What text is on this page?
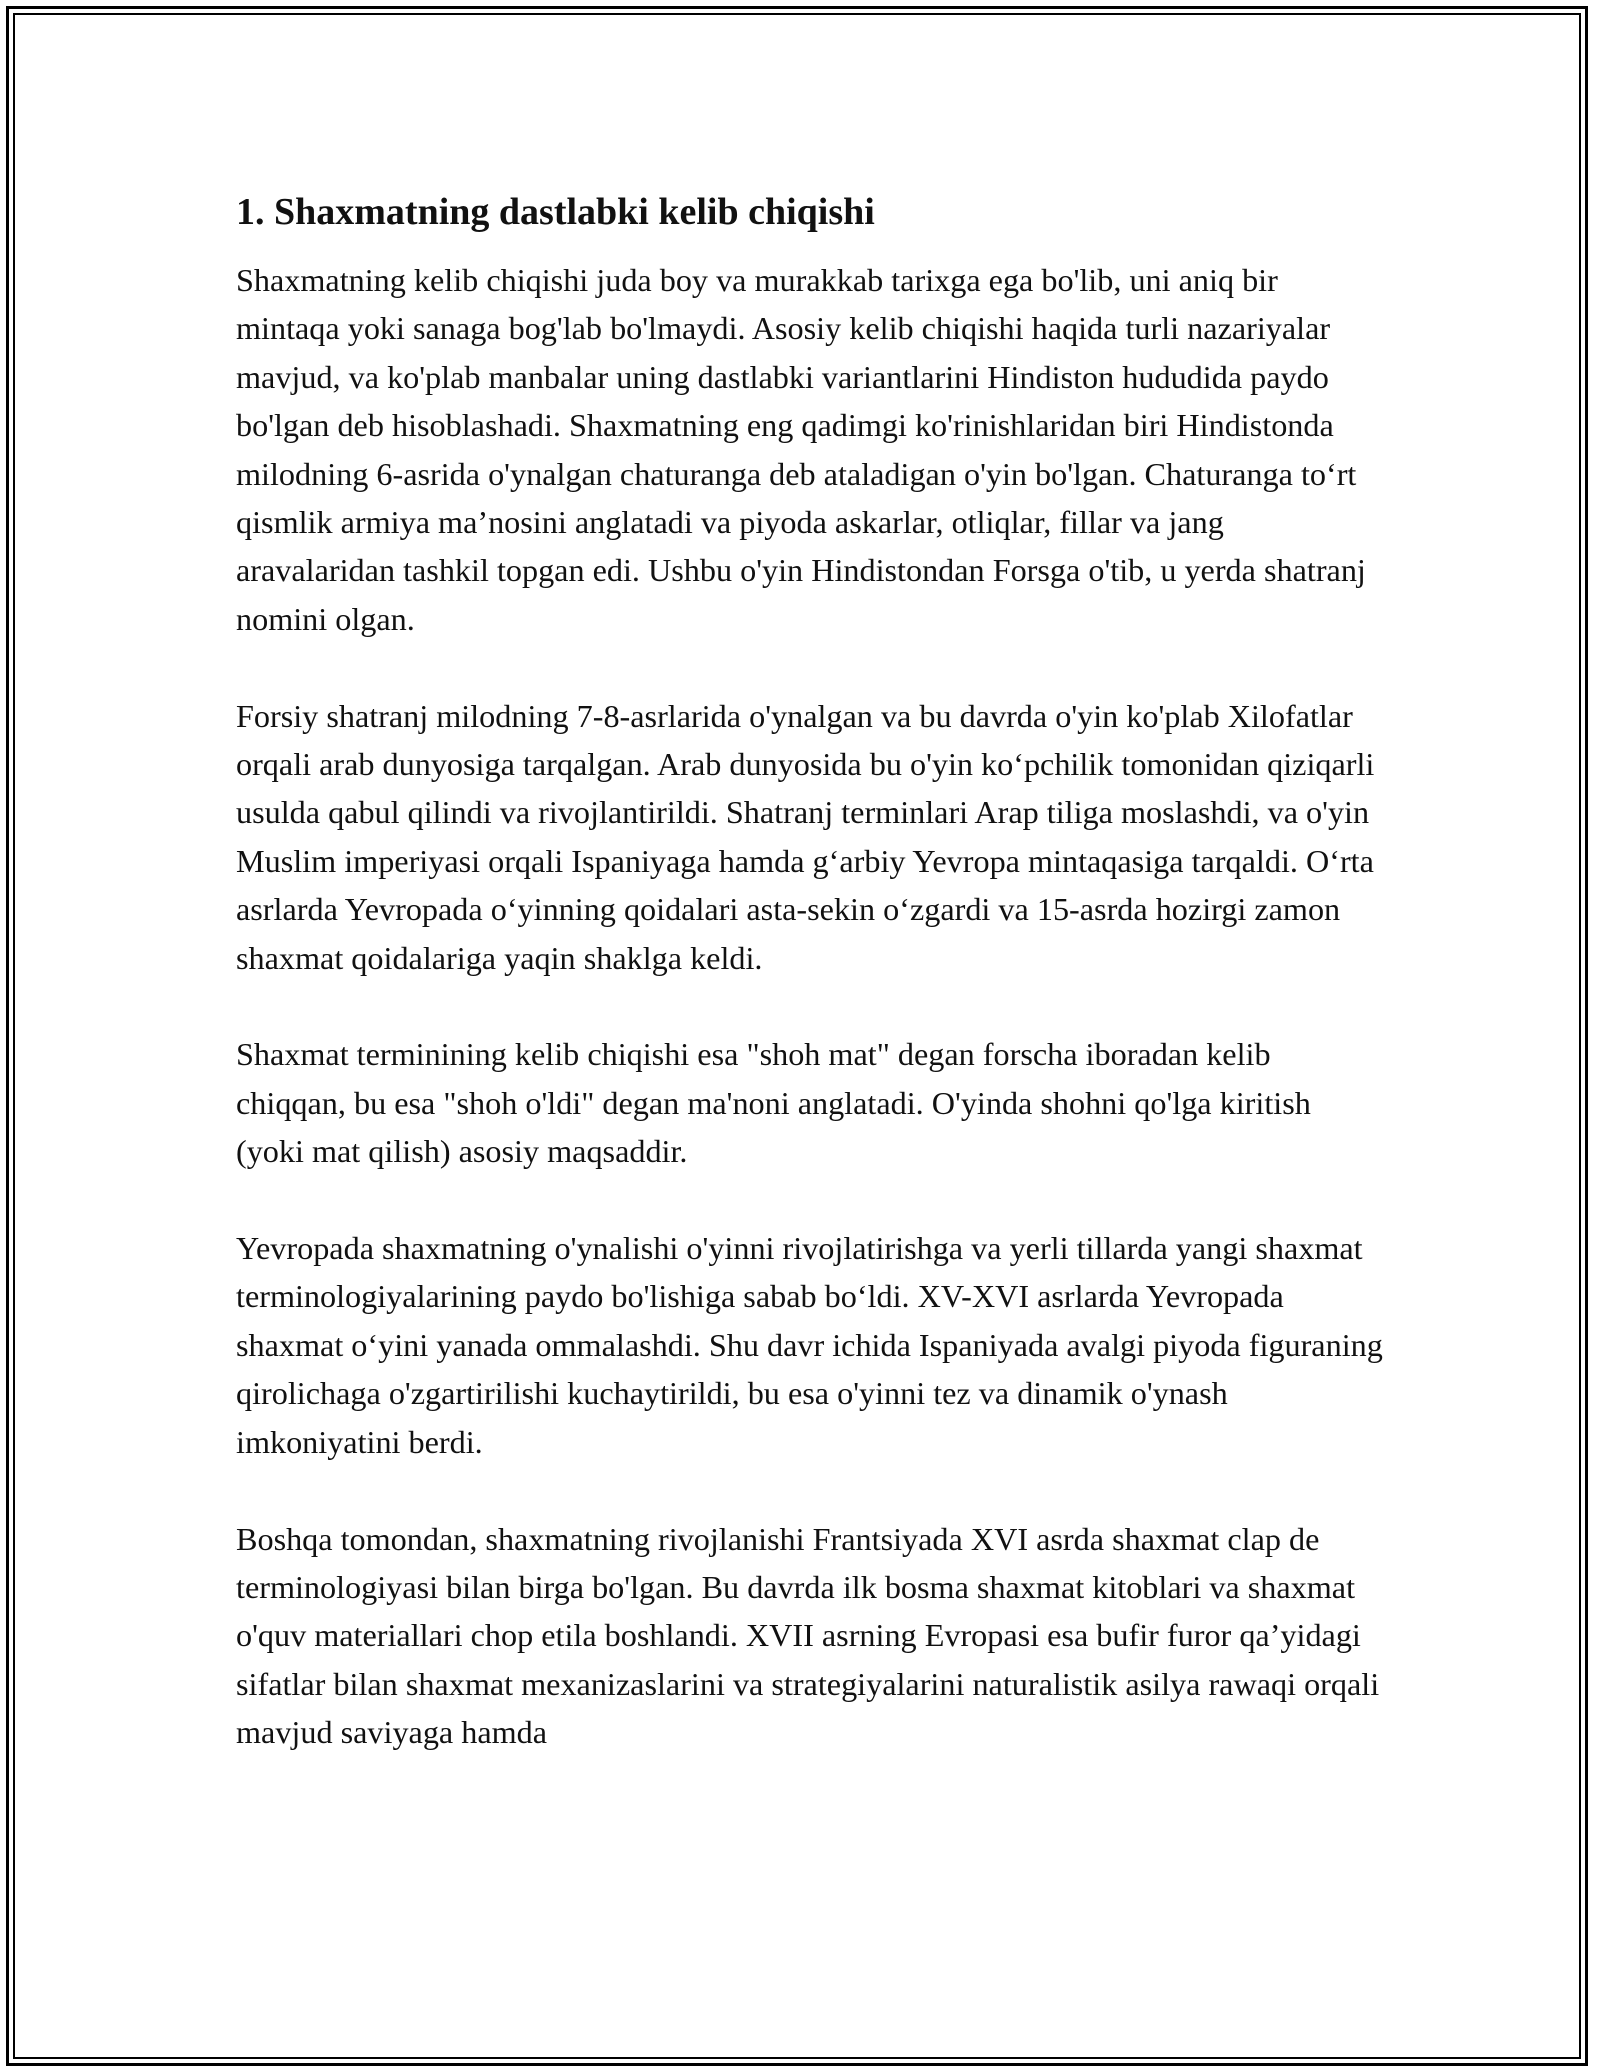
1. Shaxmatning dastlabki kelib chiqishi

Shaxmatning kelib chiqishi juda boy va murakkab tarixga ega bo'lib, uni aniq bir mintaqa yoki sanaga bog'lab bo'lmaydi. Asosiy kelib chiqishi haqida turli nazariyalar mavjud, va ko'plab manbalar uning dastlabki variantlarini Hindiston hududida paydo bo'lgan deb hisoblashadi. Shaxmatning eng qadimgi ko'rinishlaridan biri Hindistonda milodning 6-asrida o'ynalgan chaturanga deb ataladigan o'yin bo'lgan. Chaturanga to‘rt qismlik armiya ma’nosini anglatadi va piyoda askarlar, otliqlar, fillar va jang aravalaridan tashkil topgan edi. Ushbu o'yin Hindistondan Forsga o'tib, u yerda shatranj nomini olgan.

Forsiy shatranj milodning 7-8-asrlarida o'ynalgan va bu davrda o'yin ko'plab Xilofatlar orqali arab dunyosiga tarqalgan. Arab dunyosida bu o'yin ko‘pchilik tomonidan qiziqarli usulda qabul qilindi va rivojlantirildi. Shatranj terminlari Arap tiliga moslashdi, va o'yin Muslim imperiyasi orqali Ispaniyaga hamda g‘arbiy Yevropa mintaqasiga tarqaldi. O‘rta asrlarda Yevropada o‘yinning qoidalari asta-sekin o‘zgardi va 15-asrda hozirgi zamon shaxmat qoidalariga yaqin shaklga keldi.

Shaxmat terminining kelib chiqishi esa "shoh mat" degan forscha iboradan kelib chiqqan, bu esa "shoh o'ldi" degan ma'noni anglatadi. O'yinda shohni qo'lga kiritish (yoki mat qilish) asosiy maqsaddir.

Yevropada shaxmatning o'ynalishi o'yinni rivojlatirishga va yerli tillarda yangi shaxmat terminologiyalarining paydo bo'lishiga sabab bo‘ldi. XV-XVI asrlarda Yevropada shaxmat o‘yini yanada ommalashdi. Shu davr ichida Ispaniyada avalgi piyoda figuraning qirolichaga o'zgartirilishi kuchaytirildi, bu esa o'yinni tez va dinamik o'ynash imkoniyatini berdi.

Boshqa tomondan, shaxmatning rivojlanishi Frantsiyada XVI asrda shaxmat clap de terminologiyasi bilan birga bo'lgan. Bu davrda ilk bosma shaxmat kitoblari va shaxmat o'quv materiallari chop etila boshlandi. XVII asrning Evropasi esa bufir furor qa’yidagi sifatlar bilan shaxmat mexanizaslarini va strategiyalarini naturalistik asilya rawaqi orqali mavjud saviyaga hamda
